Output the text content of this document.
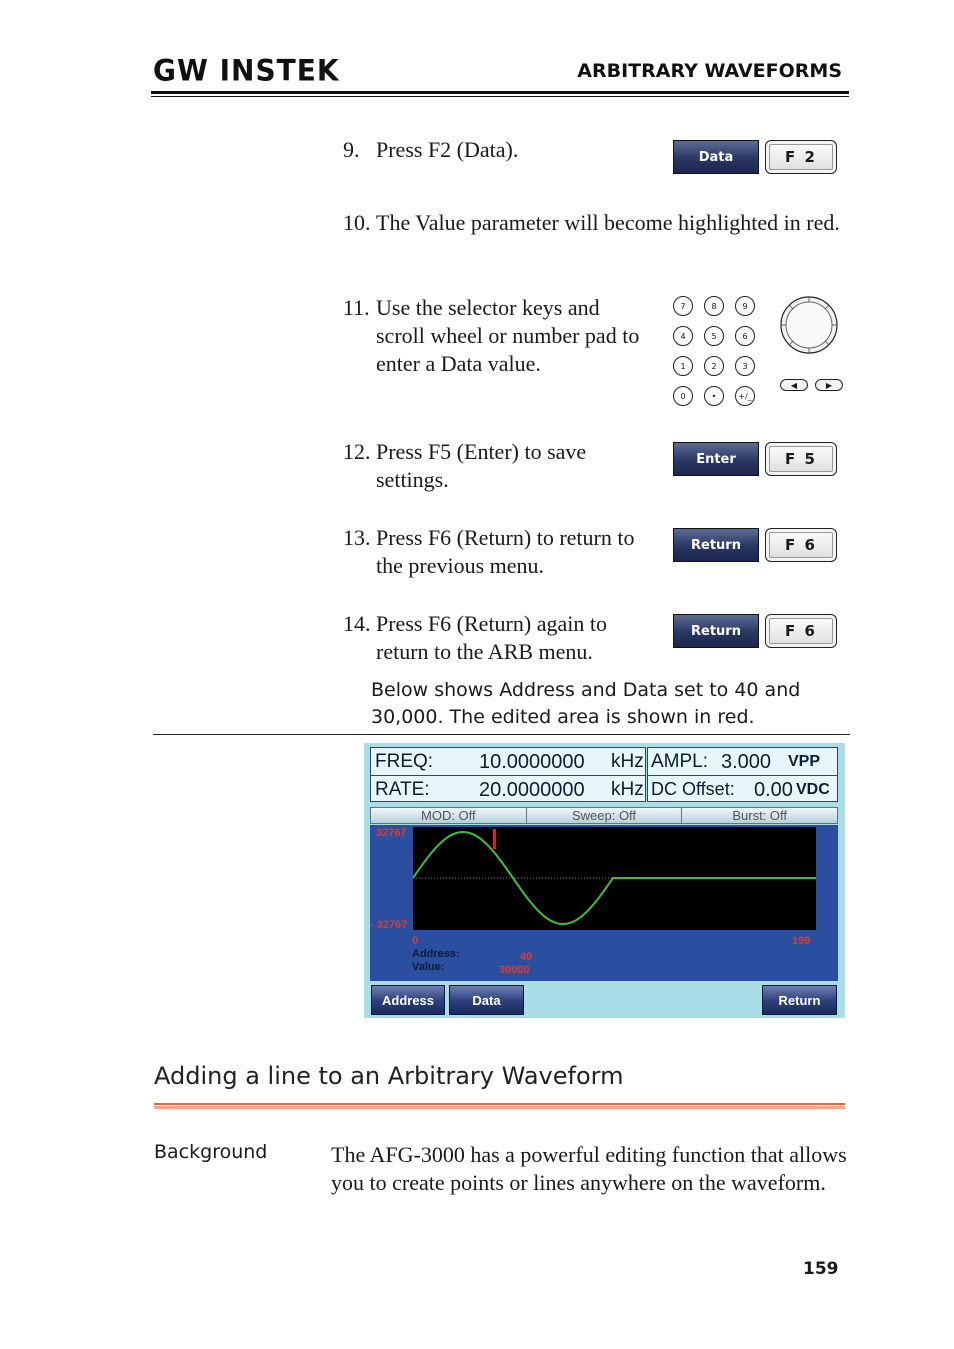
GW INSTEK	ARBITRARY WAVEFORMS
9. Press F2 (Data).	Data	F 2
10. The Value parameter will become highlighted in red.
11. Use the selector keys and scroll wheel or number pad to enter a Data value.
7	8	9
4	5	6
1	2	3
0	•	+/_
◀	▶
12. Press F5 (Enter) to save settings.
Enter	F 5
13. Press F6 (Return) to return to the previous menu.
Return	F 6
14. Press F6 (Return) again to return to the ARB menu.
Return	F 6
Below shows Address and Data set to 40 and 30,000. The edited area is shown in red.
FREQ: 10.0000000 kHz
RATE: 20.0000000 kHz
AMPL: 3.000 VPP
DC Offset: 0.00 VDC
MOD: Off	Sweep: Off	Burst: Off
32767
- 32767
0	199
Address:	40
Value:	30000
Address	Data	Return
Adding a line to an Arbitrary Waveform
Background	The AFG-3000 has a powerful editing function that allows you to create points or lines anywhere on the waveform.
159
